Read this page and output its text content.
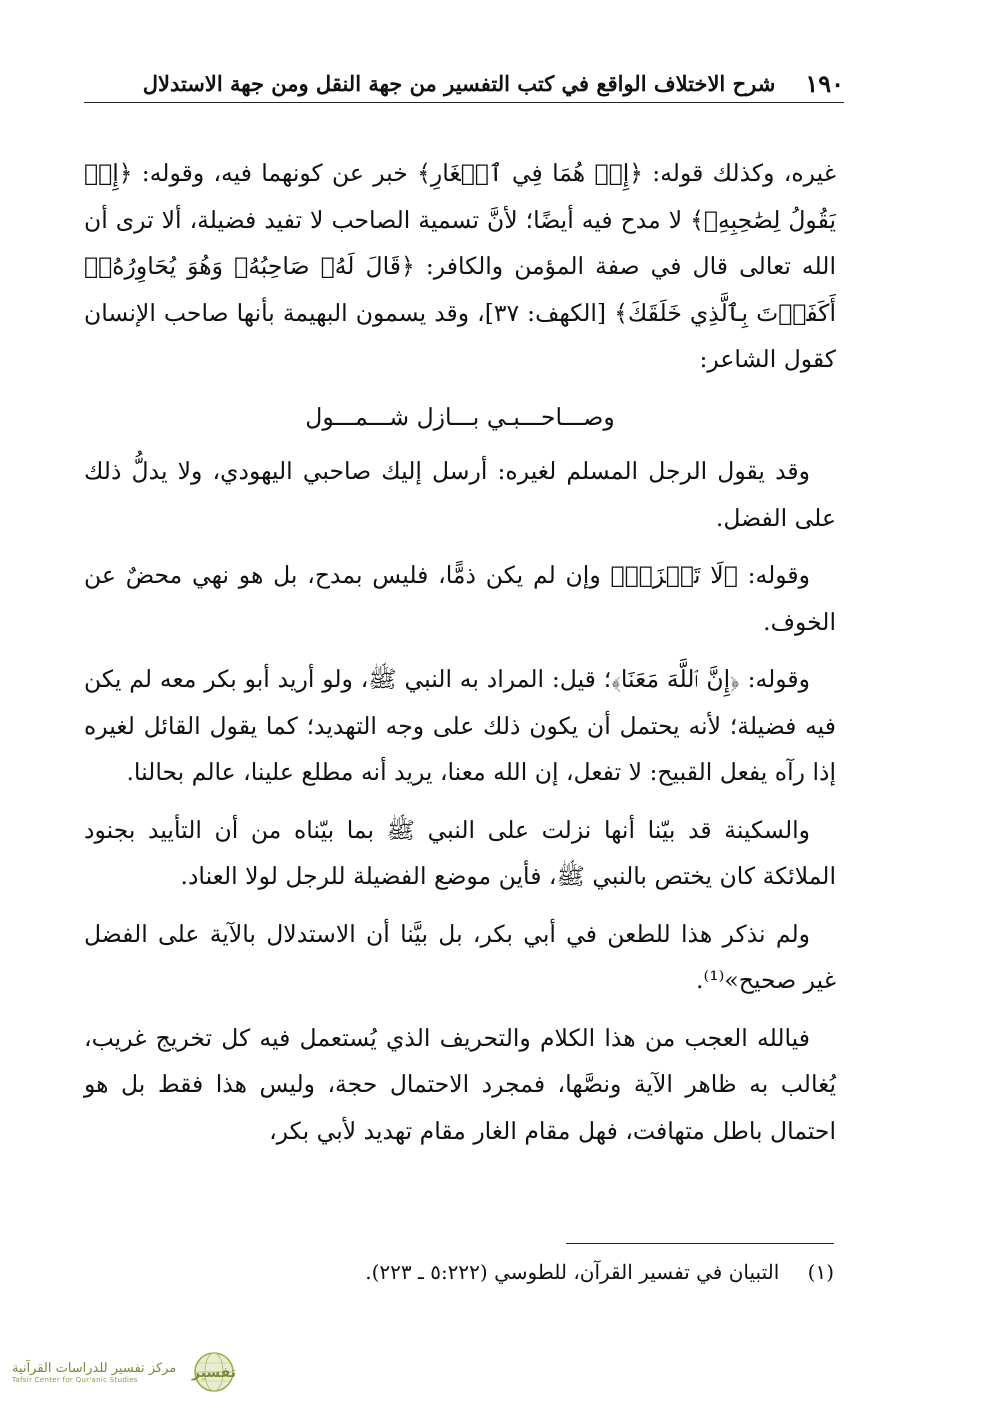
١٩٠
شرح الاختلاف الواقع في كتب التفسير من جهة النقل ومن جهة الاستدلال

غيره، وكذلك قوله: ﴿إِذۡ هُمَا فِي ٱلۡغَارِ﴾ خبر عن كونهما فيه، وقوله: ﴿إِذۡ يَقُولُ لِصَٰحِبِهِۦ﴾ لا مدح فيه أيضًا؛ لأنَّ تسمية الصاحب لا تفيد فضيلة، ألا ترى أن الله تعالى قال في صفة المؤمن والكافر: ﴿قَالَ لَهُۥ صَاحِبُهُۥ وَهُوَ يُحَاوِرُهُۥٓ أَكَفَرۡتَ بِٱلَّذِي خَلَقَكَ﴾ [الكهف: ٣٧]، وقد يسمون البهيمة بأنها صاحب الإنسان كقول الشاعر:

وصـــاحـــبـي بـــازل شـــمـــول

وقد يقول الرجل المسلم لغيره: أرسل إليك صاحبي اليهودي، ولا يدلُّ ذلك على الفضل.

وقوله: ﴿لَا تَحۡزَنۡ﴾ وإن لم يكن ذمًّا، فليس بمدح، بل هو نهي محضٌ عن الخوف.

وقوله: ﴿إِنَّ ٱللَّهَ مَعَنَا﴾؛ قيل: المراد به النبي ﷺ، ولو أريد أبو بكر معه لم يكن فيه فضيلة؛ لأنه يحتمل أن يكون ذلك على وجه التهديد؛ كما يقول القائل لغيره إذا رآه يفعل القبيح: لا تفعل، إن الله معنا، يريد أنه مطلع علينا، عالم بحالنا.

والسكينة قد بيّنا أنها نزلت على النبي ﷺ بما بيّناه من أن التأييد بجنود الملائكة كان يختص بالنبي ﷺ، فأين موضع الفضيلة للرجل لولا العناد.

ولم نذكر هذا للطعن في أبي بكر، بل بيَّنا أن الاستدلال بالآية على الفضل غير صحيح»⁽¹⁾.

فيالله العجب من هذا الكلام والتحريف الذي يُستعمل فيه كل تخريج غريب، يُغالب به ظاهر الآية ونصَّها، فمجرد الاحتمال حجة، وليس هذا فقط بل هو احتمال باطل متهافت، فهل مقام الغار مقام تهديد لأبي بكر،

(١) التبيان في تفسير القرآن، للطوسي (٥:٢٢٢ ـ ٢٢٣).
مركز تفسير للدراسات القرآنية
Tafsir Center for Qur'anic Studies	تفسير
